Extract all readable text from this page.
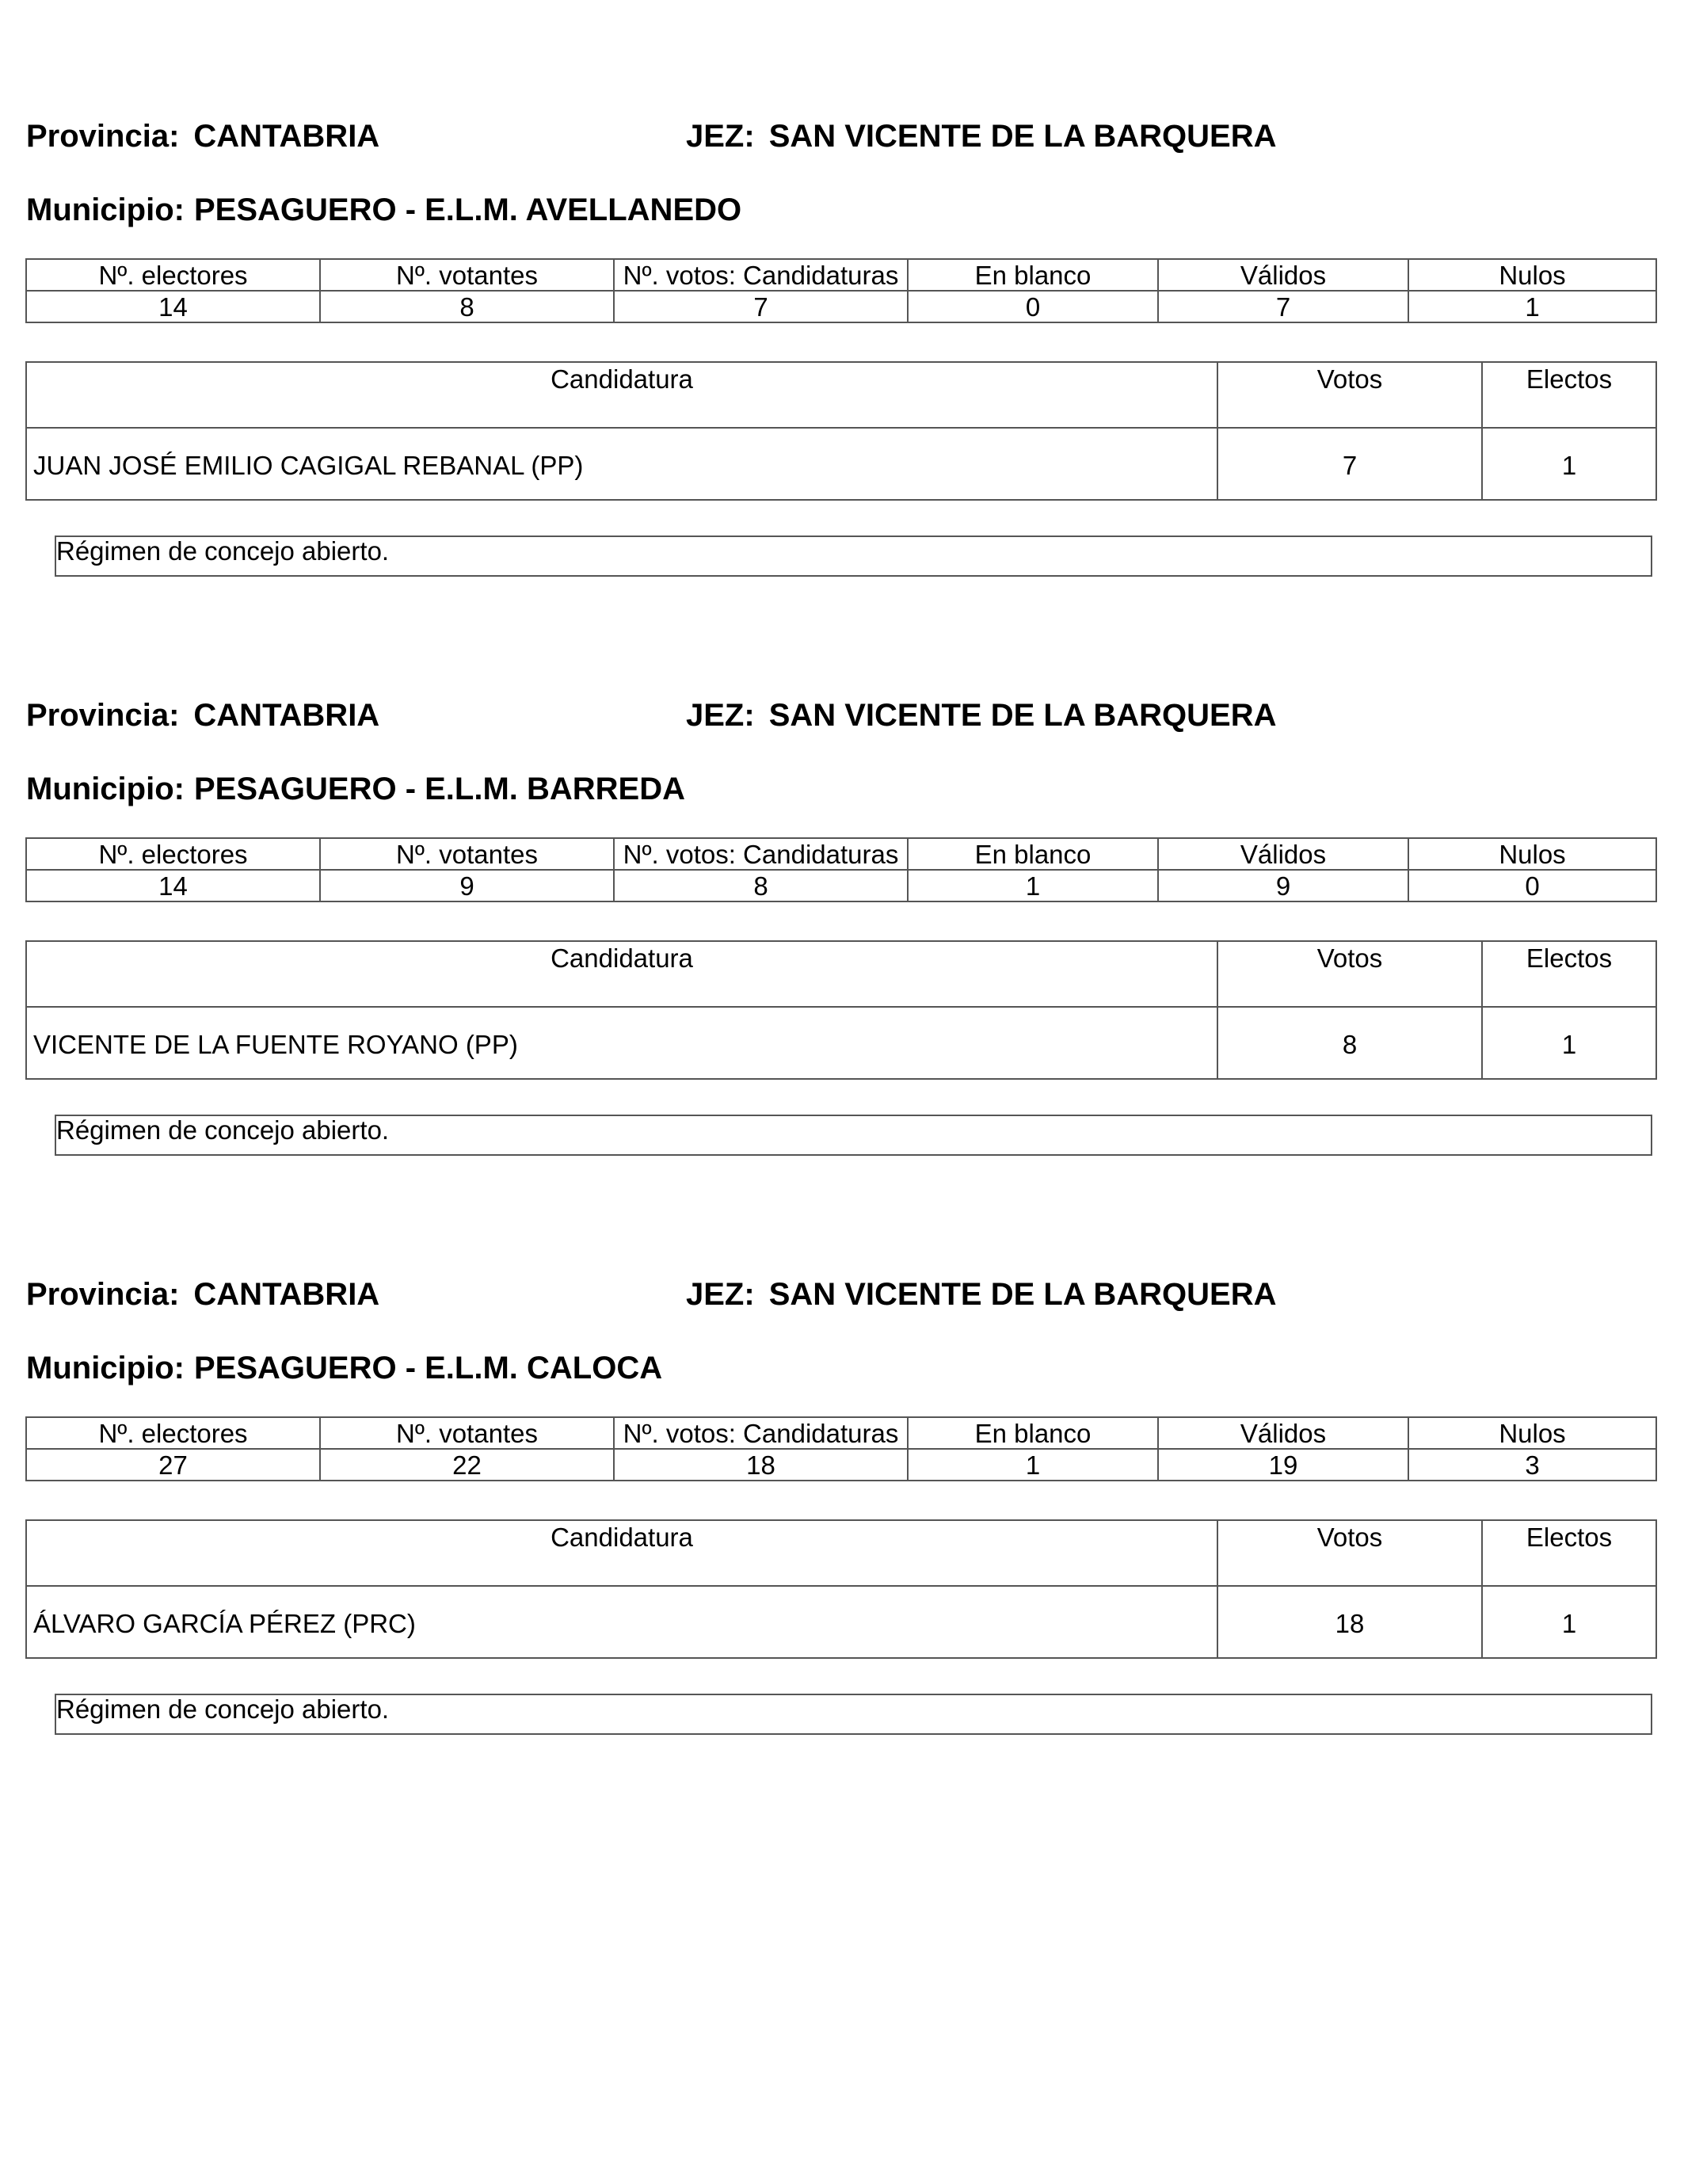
Provincia: CANTABRIA	JEZ: SAN VICENTE DE LA BARQUERA
Municipio: PESAGUERO - E.L.M. AVELLANEDO
Nº. electores	Nº. votantes	Nº. votos: Candidaturas	En blanco	Válidos	Nulos
14	8	7	0	7	1
Candidatura	Votos	Electos
JUAN JOSÉ EMILIO CAGIGAL REBANAL (PP)	7	1
Régimen de concejo abierto.
Provincia: CANTABRIA	JEZ: SAN VICENTE DE LA BARQUERA
Municipio: PESAGUERO - E.L.M. BARREDA
Nº. electores	Nº. votantes	Nº. votos: Candidaturas	En blanco	Válidos	Nulos
14	9	8	1	9	0
Candidatura	Votos	Electos
VICENTE DE LA FUENTE ROYANO (PP)	8	1
Régimen de concejo abierto.
Provincia: CANTABRIA	JEZ: SAN VICENTE DE LA BARQUERA
Municipio: PESAGUERO - E.L.M. CALOCA
Nº. electores	Nº. votantes	Nº. votos: Candidaturas	En blanco	Válidos	Nulos
27	22	18	1	19	3
Candidatura	Votos	Electos
ÁLVARO GARCÍA PÉREZ (PRC)	18	1
Régimen de concejo abierto.
